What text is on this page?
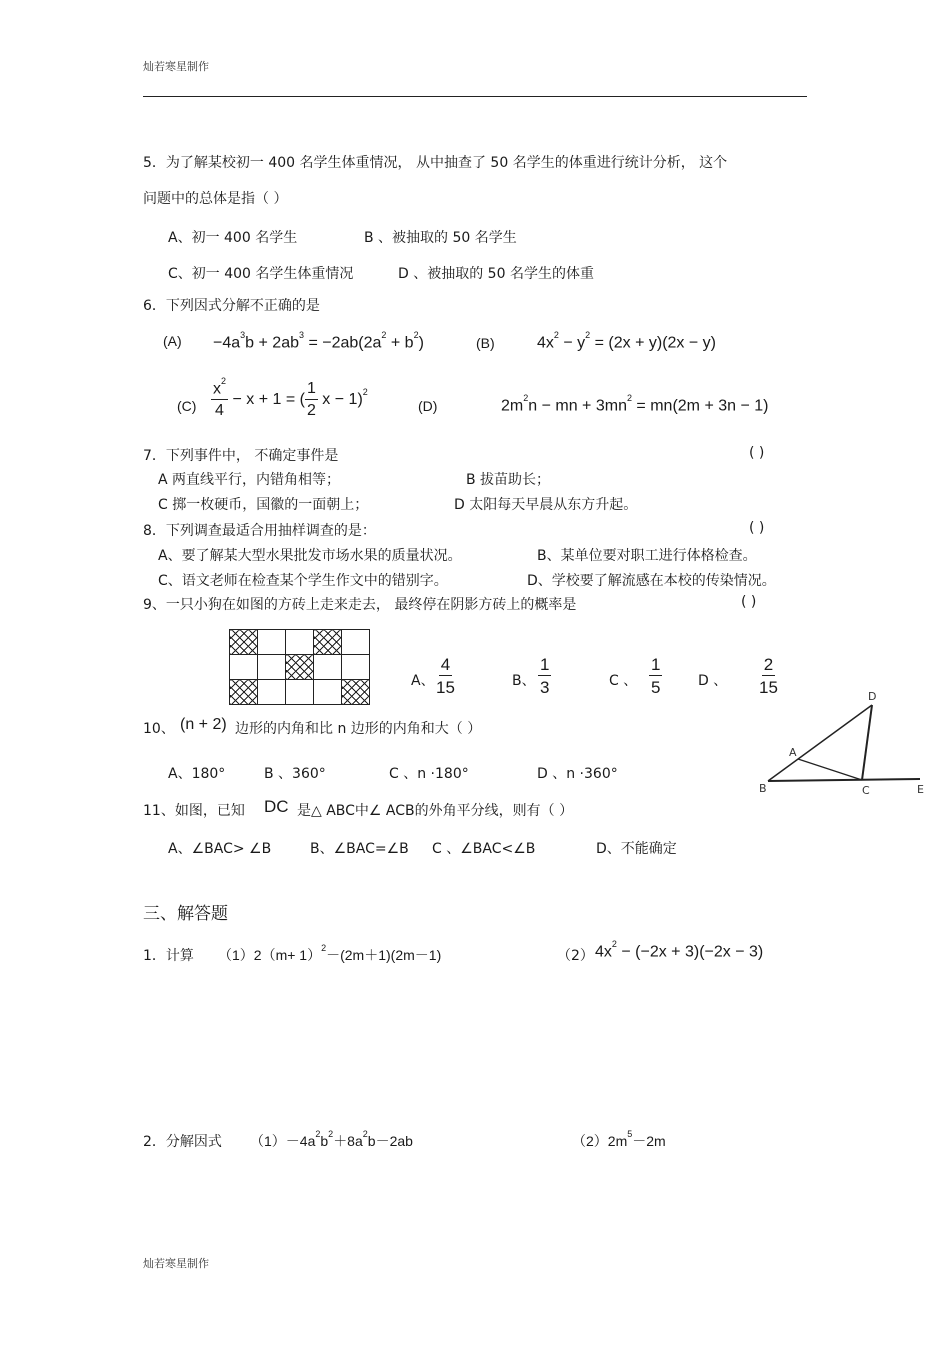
灿若寒星制作
灿若寒星制作
5．为了解某校初一 400 名学生体重情况， 从中抽查了 50 名学生的体重进行统计分析， 这个
问题中的总体是指（ ）
A、初一 400 名学生	B 、被抽取的 50 名学生
C、初一 400 名学生体重情况	D 、被抽取的 50 名学生的体重
6．下列因式分解不正确的是
$(A) -4a^3b + 2ab^3 = -2ab(2a^2 + b^2)$	(B)	$4x^2 - y^2 = (2x + y)(2x - y)$
$(C) \frac{x^2}{4} - x + 1$ = ( $\frac{1}{2}$ x − 1)$^2$
(D)	$2m^2n$ − mn + $3mn^2 = mn(2m + 3n - 1)$
7．下列事件中， 不确定事件是	( )
A 两直线平行，内错角相等；	B 拔苗助长；
C 掷一枚硬币，国徽的一面朝上；	D 太阳每天早晨从东方升起。
8．下列调查最适合用抽样调查的是：	( )
A、要了解某大型水果批发市场水果的质量状况。	B、某单位要对职工进行体格检查。
C、语文老师在检查某个学生作文中的错别字。	D、学校要了解流感在本校的传染情况。
9、一只小狗在如图的方砖上走来走去， 最终停在阴影方砖上的概率是	( )

A、 $\frac{4}{15}$	B、 $\frac{1}{3}$	C 、 $\frac{1}{5}$	D 、 $\frac{2}{15}$
10、 (n + 2) 边形的内角和比 n 边形的内角和大（ ）
A、180°	B 、360°	C 、n ·180°	D 、n ·360°
D
A
B	C	E
11、如图，已知 DC 是△ ABC中∠ ACB的外角平分线，则有（ ）
A、∠BAC> ∠B	B、∠BAC=∠B C 、∠BAC<∠B	D、不能确定
三、解答题
1．计算 $(1)2(m+ 1)^2-(2m+1)(2m-1)$	（2） $4x^2 - (-2x + 3)(-2x - 3)$
2．分解因式 $(1)-4a^2b^2+8a^2b-2ab$	$(2)2m^5-2m$
